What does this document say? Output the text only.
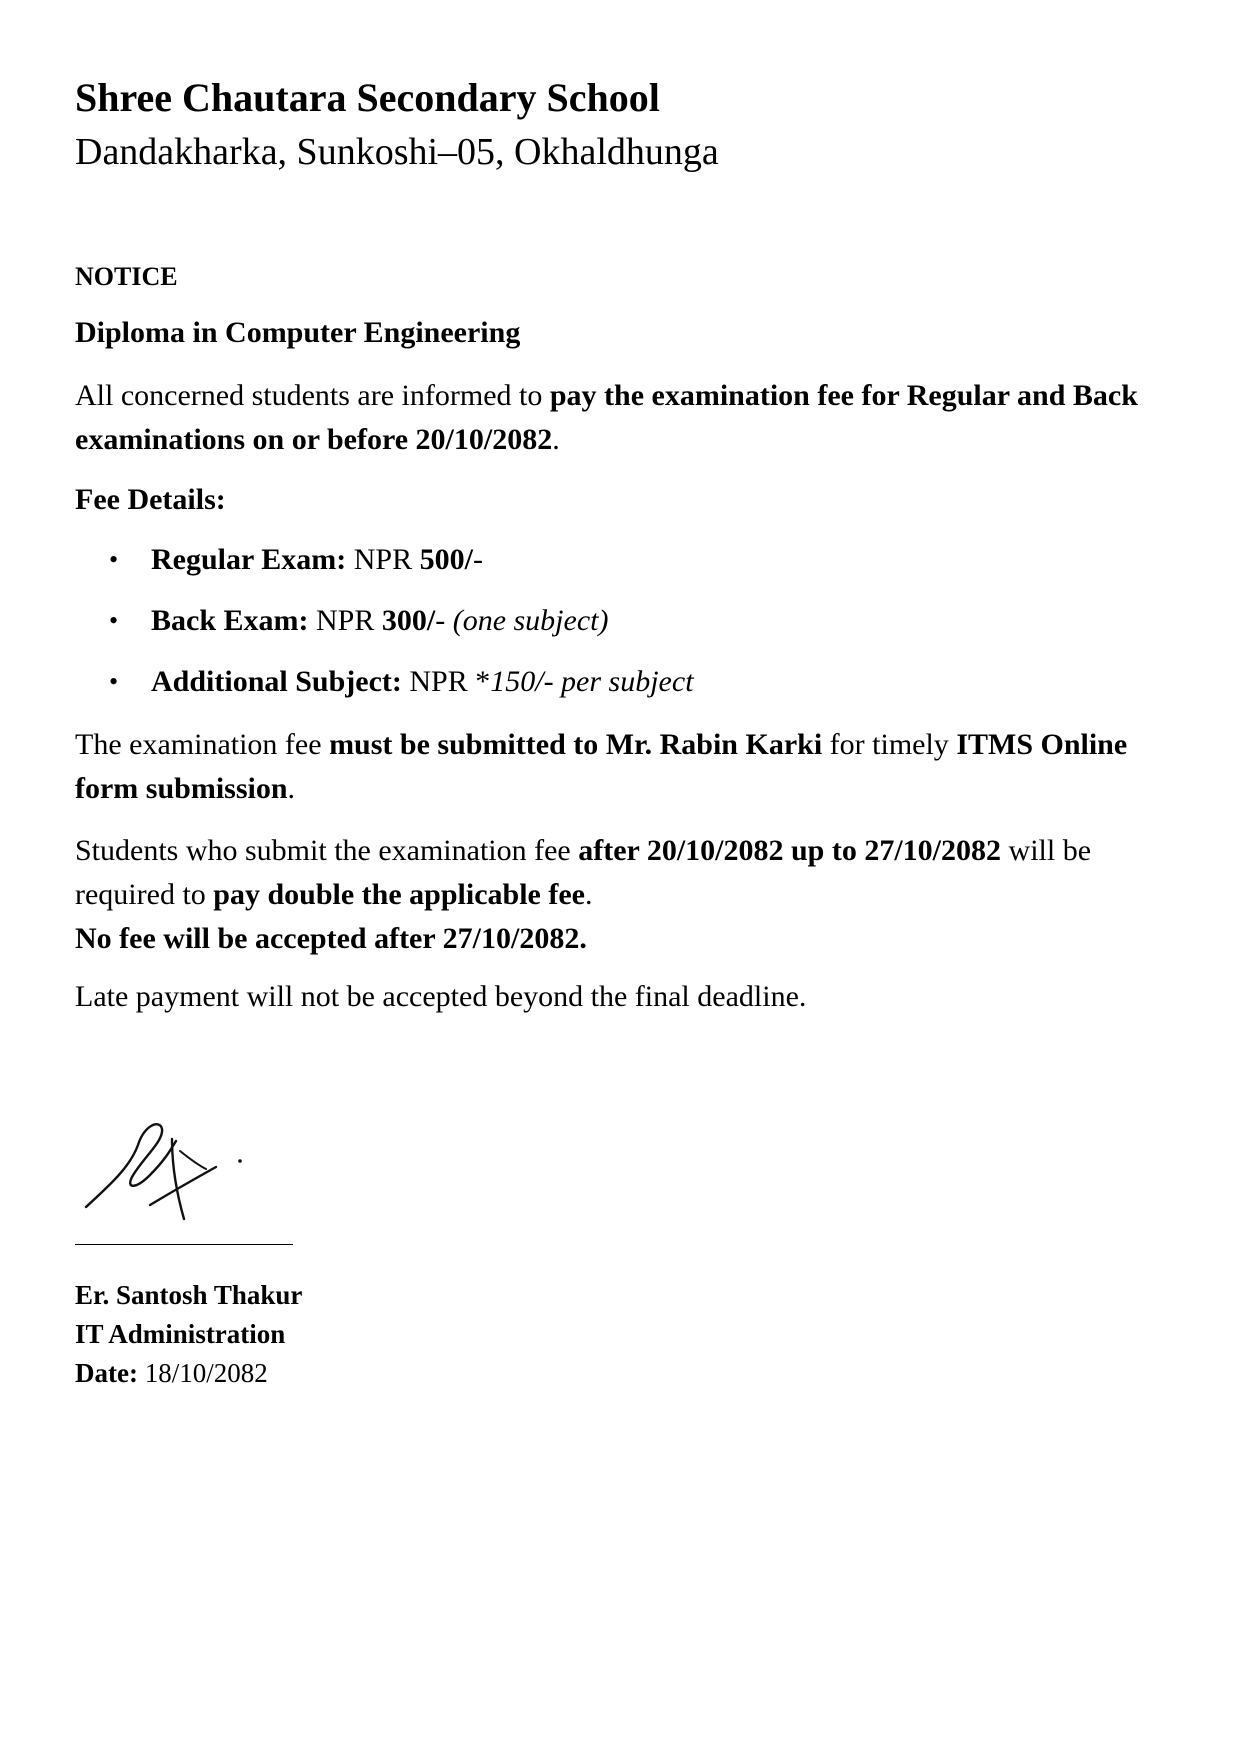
Shree Chautara Secondary School
Dandakharka, Sunkoshi–05, Okhaldhunga
NOTICE
Diploma in Computer Engineering
All concerned students are informed to pay the examination fee for Regular and Back examinations on or before 20/10/2082.
Fee Details:
• Regular Exam: NPR 500/-
• Back Exam: NPR 300/- (one subject)
• Additional Subject: NPR *150/- per subject
The examination fee must be submitted to Mr. Rabin Karki for timely ITMS Online form submission.
Students who submit the examination fee after 20/10/2082 up to 27/10/2082 will be required to pay double the applicable fee.
No fee will be accepted after 27/10/2082.
Late payment will not be accepted beyond the final deadline.
Er. Santosh Thakur
IT Administration
Date: 18/10/2082
